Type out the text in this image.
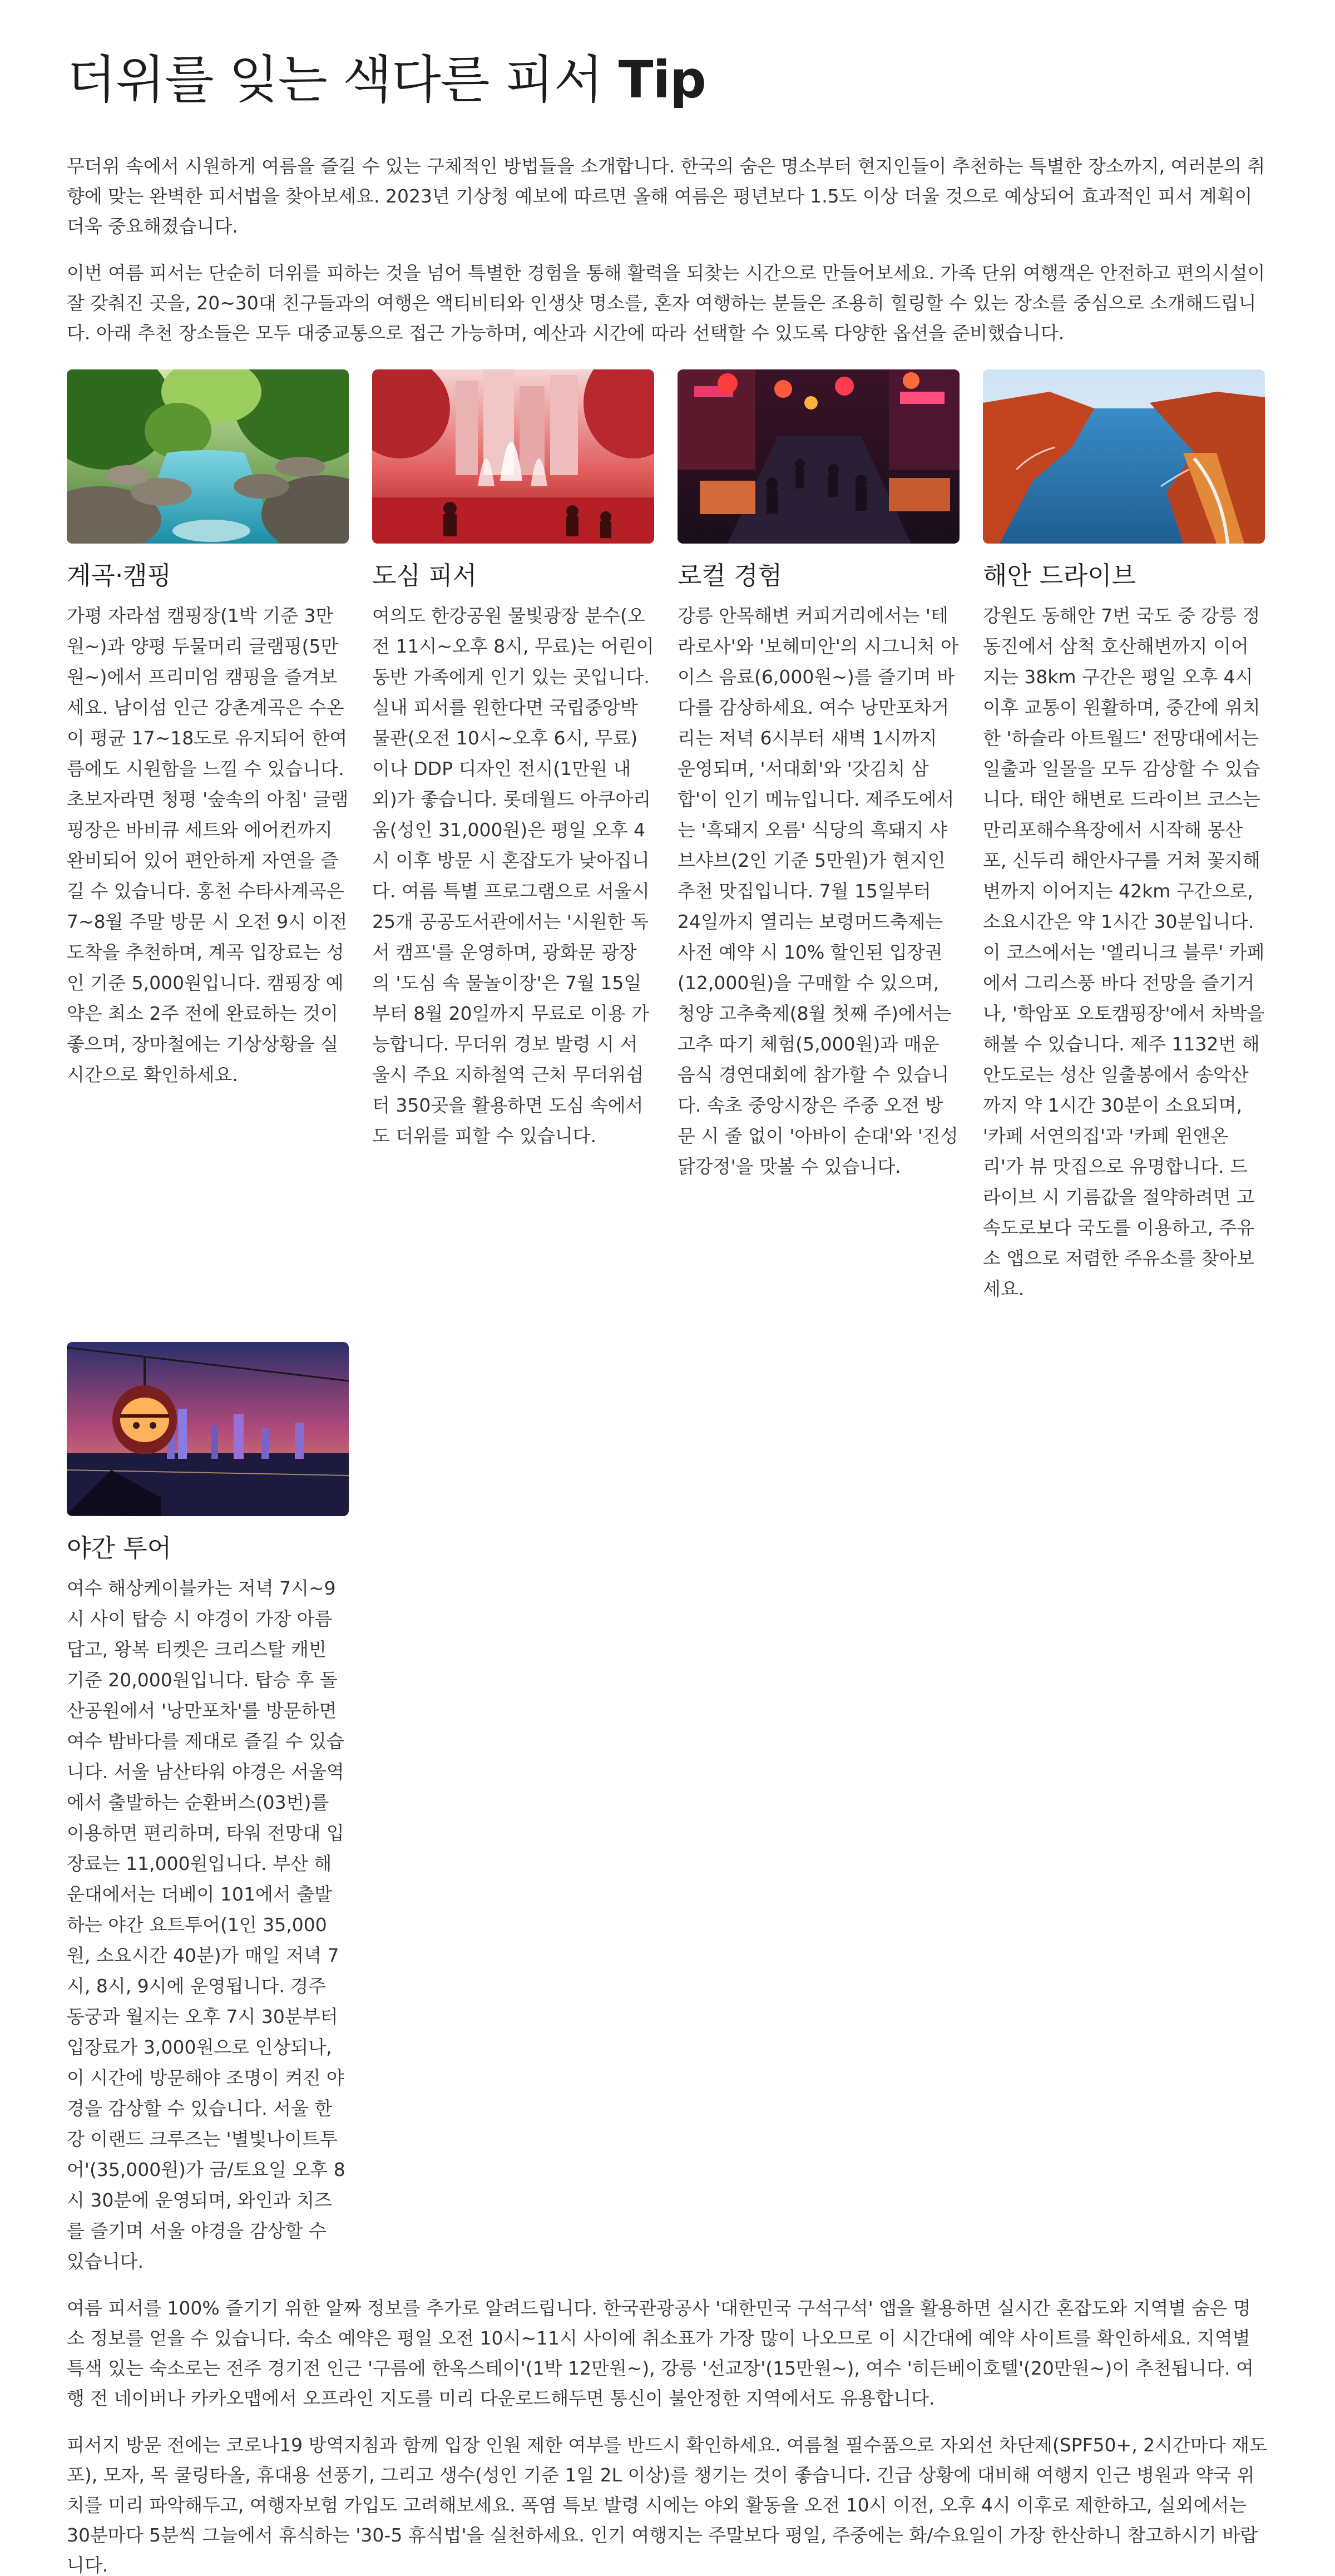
더위를 잊는 색다른 피서 Tip

무더위 속에서 시원하게 여름을 즐길 수 있는 구체적인 방법들을 소개합니다. 한국의 숨은 명소부터 현지인들이 추천하는 특별한 장소까지, 여러분의 취향에 맞는 완벽한 피서법을 찾아보세요. 2023년 기상청 예보에 따르면 올해 여름은 평년보다 1.5도 이상 더울 것으로 예상되어 효과적인 피서 계획이 더욱 중요해졌습니다.

이번 여름 피서는 단순히 더위를 피하는 것을 넘어 특별한 경험을 통해 활력을 되찾는 시간으로 만들어보세요. 가족 단위 여행객은 안전하고 편의시설이 잘 갖춰진 곳을, 20~30대 친구들과의 여행은 액티비티와 인생샷 명소를, 혼자 여행하는 분들은 조용히 힐링할 수 있는 장소를 중심으로 소개해드립니다. 아래 추천 장소들은 모두 대중교통으로 접근 가능하며, 예산과 시간에 따라 선택할 수 있도록 다양한 옵션을 준비했습니다.

계곡·캠핑

가평 자라섬 캠핑장(1박 기준 3만원~)과 양평 두물머리 글램핑(5만원~)에서 프리미엄 캠핑을 즐겨보세요. 남이섬 인근 강촌계곡은 수온이 평균 17~18도로 유지되어 한여름에도 시원함을 느낄 수 있습니다. 초보자라면 청평 '숲속의 아침' 글램핑장은 바비큐 세트와 에어컨까지 완비되어 있어 편안하게 자연을 즐길 수 있습니다. 홍천 수타사계곡은 7~8월 주말 방문 시 오전 9시 이전 도착을 추천하며, 계곡 입장료는 성인 기준 5,000원입니다. 캠핑장 예약은 최소 2주 전에 완료하는 것이 좋으며, 장마철에는 기상상황을 실시간으로 확인하세요.

도심 피서

여의도 한강공원 물빛광장 분수(오전 11시~오후 8시, 무료)는 어린이 동반 가족에게 인기 있는 곳입니다. 실내 피서를 원한다면 국립중앙박물관(오전 10시~오후 6시, 무료)이나 DDP 디자인 전시(1만원 내외)가 좋습니다. 롯데월드 아쿠아리움(성인 31,000원)은 평일 오후 4시 이후 방문 시 혼잡도가 낮아집니다. 여름 특별 프로그램으로 서울시 25개 공공도서관에서는 '시원한 독서 캠프'를 운영하며, 광화문 광장의 '도심 속 물놀이장'은 7월 15일부터 8월 20일까지 무료로 이용 가능합니다. 무더위 경보 발령 시 서울시 주요 지하철역 근처 무더위쉼터 350곳을 활용하면 도심 속에서도 더위를 피할 수 있습니다.

로컬 경험

강릉 안목해변 커피거리에서는 '테라로사'와 '보헤미안'의 시그니처 아이스 음료(6,000원~)를 즐기며 바다를 감상하세요. 여수 낭만포차거리는 저녁 6시부터 새벽 1시까지 운영되며, '서대회'와 '갓김치 삼합'이 인기 메뉴입니다. 제주도에서는 '흑돼지 오름' 식당의 흑돼지 샤브샤브(2인 기준 5만원)가 현지인 추천 맛집입니다. 7월 15일부터 24일까지 열리는 보령머드축제는 사전 예약 시 10% 할인된 입장권(12,000원)을 구매할 수 있으며, 청양 고추축제(8월 첫째 주)에서는 고추 따기 체험(5,000원)과 매운 음식 경연대회에 참가할 수 있습니다. 속초 중앙시장은 주중 오전 방문 시 줄 없이 '아바이 순대'와 '진성 닭강정'을 맛볼 수 있습니다.

해안 드라이브

강원도 동해안 7번 국도 중 강릉 정동진에서 삼척 호산해변까지 이어지는 38km 구간은 평일 오후 4시 이후 교통이 원활하며, 중간에 위치한 '하슬라 아트월드' 전망대에서는 일출과 일몰을 모두 감상할 수 있습니다. 태안 해변로 드라이브 코스는 만리포해수욕장에서 시작해 몽산포, 신두리 해안사구를 거쳐 꽃지해변까지 이어지는 42km 구간으로, 소요시간은 약 1시간 30분입니다. 이 코스에서는 '엘리니크 블루' 카페에서 그리스풍 바다 전망을 즐기거나, '학암포 오토캠핑장'에서 차박을 해볼 수 있습니다. 제주 1132번 해안도로는 성산 일출봉에서 송악산까지 약 1시간 30분이 소요되며, '카페 서연의집'과 '카페 윈앤온리'가 뷰 맛집으로 유명합니다. 드라이브 시 기름값을 절약하려면 고속도로보다 국도를 이용하고, 주유소 앱으로 저렴한 주유소를 찾아보세요.

야간 투어

여수 해상케이블카는 저녁 7시~9시 사이 탑승 시 야경이 가장 아름답고, 왕복 티켓은 크리스탈 캐빈 기준 20,000원입니다. 탑승 후 돌산공원에서 '낭만포차'를 방문하면 여수 밤바다를 제대로 즐길 수 있습니다. 서울 남산타워 야경은 서울역에서 출발하는 순환버스(03번)를 이용하면 편리하며, 타워 전망대 입장료는 11,000원입니다. 부산 해운대에서는 더베이 101에서 출발하는 야간 요트투어(1인 35,000원, 소요시간 40분)가 매일 저녁 7시, 8시, 9시에 운영됩니다. 경주 동궁과 월지는 오후 7시 30분부터 입장료가 3,000원으로 인상되나, 이 시간에 방문해야 조명이 켜진 야경을 감상할 수 있습니다. 서울 한강 이랜드 크루즈는 '별빛나이트투어'(35,000원)가 금/토요일 오후 8시 30분에 운영되며, 와인과 치즈를 즐기며 서울 야경을 감상할 수 있습니다.

여름 피서를 100% 즐기기 위한 알짜 정보를 추가로 알려드립니다. 한국관광공사 '대한민국 구석구석' 앱을 활용하면 실시간 혼잡도와 지역별 숨은 명소 정보를 얻을 수 있습니다. 숙소 예약은 평일 오전 10시~11시 사이에 취소표가 가장 많이 나오므로 이 시간대에 예약 사이트를 확인하세요. 지역별 특색 있는 숙소로는 전주 경기전 인근 '구름에 한옥스테이'(1박 12만원~), 강릉 '선교장'(15만원~), 여수 '히든베이호텔'(20만원~)이 추천됩니다. 여행 전 네이버나 카카오맵에서 오프라인 지도를 미리 다운로드해두면 통신이 불안정한 지역에서도 유용합니다.

피서지 방문 전에는 코로나19 방역지침과 함께 입장 인원 제한 여부를 반드시 확인하세요. 여름철 필수품으로 자외선 차단제(SPF50+, 2시간마다 재도포), 모자, 목 쿨링타올, 휴대용 선풍기, 그리고 생수(성인 기준 1일 2L 이상)를 챙기는 것이 좋습니다. 긴급 상황에 대비해 여행지 인근 병원과 약국 위치를 미리 파악해두고, 여행자보험 가입도 고려해보세요. 폭염 특보 발령 시에는 야외 활동을 오전 10시 이전, 오후 4시 이후로 제한하고, 실외에서는 30분마다 5분씩 그늘에서 휴식하는 '30-5 휴식법'을 실천하세요. 인기 여행지는 주말보다 평일, 주중에는 화/수요일이 가장 한산하니 참고하시기 바랍니다.
